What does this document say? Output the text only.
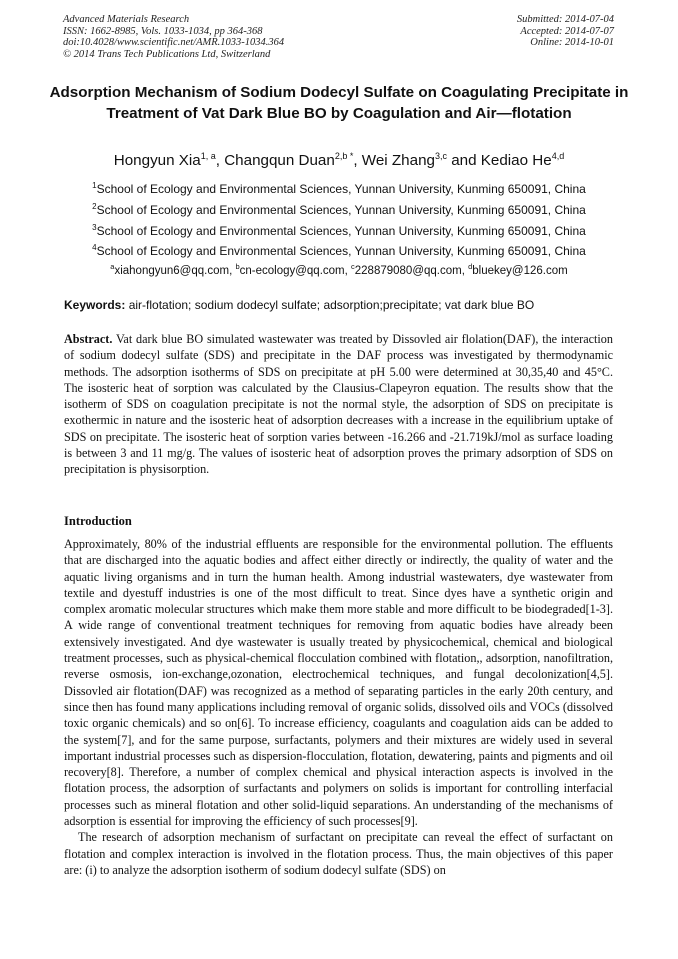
Advanced Materials Research
ISSN: 1662-8985, Vols. 1033-1034, pp 364-368
doi:10.4028/www.scientific.net/AMR.1033-1034.364
© 2014 Trans Tech Publications Ltd, Switzerland
Submitted: 2014-07-04
Accepted: 2014-07-07
Online: 2014-10-01
Adsorption Mechanism of Sodium Dodecyl Sulfate on Coagulating Precipitate in Treatment of Vat Dark Blue BO by Coagulation and Air—flotation
Hongyun Xia$^{1, a}$, Changqun Duan$^{2,b *}$, Wei Zhang$^{3,c}$ and Kediao He$^{4,d}$
$^1$School of Ecology and Environmental Sciences, Yunnan University, Kunming 650091, China
$^2$School of Ecology and Environmental Sciences, Yunnan University, Kunming 650091, China
$^3$School of Ecology and Environmental Sciences, Yunnan University, Kunming 650091, China
$^4$School of Ecology and Environmental Sciences, Yunnan University, Kunming 650091, China
$^a$xiahongyun6@qq.com, $^b$cn-ecology@qq.com, $^c$228879080@qq.com, $^d$bluekey@126.com
Keywords: air-flotation; sodium dodecyl sulfate; adsorption;precipitate; vat dark blue BO

Abstract. Vat dark blue BO simulated wastewater was treated by Dissovled air flolation(DAF), the interaction of sodium dodecyl sulfate (SDS) and precipitate in the DAF process was investigated by thermodynamic methods. The adsorption isotherms of SDS on precipitate at pH 5.00 were determined at 30,35,40 and 45°C. The isosteric heat of sorption was calculated by the Clausius-Clapeyron equation. The results show that the isotherm of SDS on coagulation precipitate is not the normal style, the adsorption of SDS on precipitate is exothermic in nature and the isosteric heat of adsorption decreases with a increase in the equilibrium uptake of SDS on precipitate. The isosteric heat of sorption varies between -16.266 and -21.719kJ/mol as surface loading is between 3 and 11 mg/g. The values of isosteric heat of adsorption proves the primary adsorption of SDS on precipitation is physisorption.

Introduction

Approximately, 80% of the industrial effluents are responsible for the environmental pollution. The effluents that are discharged into the aquatic bodies and affect either directly or indirectly, the quality of water and the aquatic living organisms and in turn the human health. Among industrial wastewaters, dye wastewater from textile and dyestuff industries is one of the most difficult to treat. Since dyes have a synthetic origin and complex aromatic molecular structures which make them more stable and more difficult to be biodegraded[1-3]. A wide range of conventional treatment techniques for removing from aquatic bodies have already been extensively investigated. And dye wastewater is usually treated by physicochemical, chemical and biological treatment processes, such as physical-chemical flocculation combined with flotation,, adsorption, nanofiltration, reverse osmosis, ion-exchange,ozonation, electrochemical techniques, and fungal decolonization[4,5]. Dissovled air flotation(DAF) was recognized as a method of separating particles in the early 20th century, and since then has found many applications including removal of organic solids, dissolved oils and VOCs (dissolved toxic organic chemicals) and so on[6]. To increase efficiency, coagulants and coagulation aids can be added to the system[7], and for the same purpose, surfactants, polymers and their mixtures are widely used in several important industrial processes such as dispersion-flocculation, flotation, dewatering, paints and pigments and oil recovery[8]. Therefore, a number of complex chemical and physical interaction aspects is involved in the flotation process, the adsorption of surfactants and polymers on solids is important for controlling interfacial processes such as mineral flotation and other solid-liquid separations. An understanding of the mechanisms of adsorption is essential for improving the efficiency of such processes[9].

The research of adsorption mechanism of surfactant on precipitate can reveal the effect of surfactant on flotation and complex interaction is involved in the flotation process. Thus, the main objectives of this paper are: (i) to analyze the adsorption isotherm of sodium dodecyl sulfate (SDS) on
